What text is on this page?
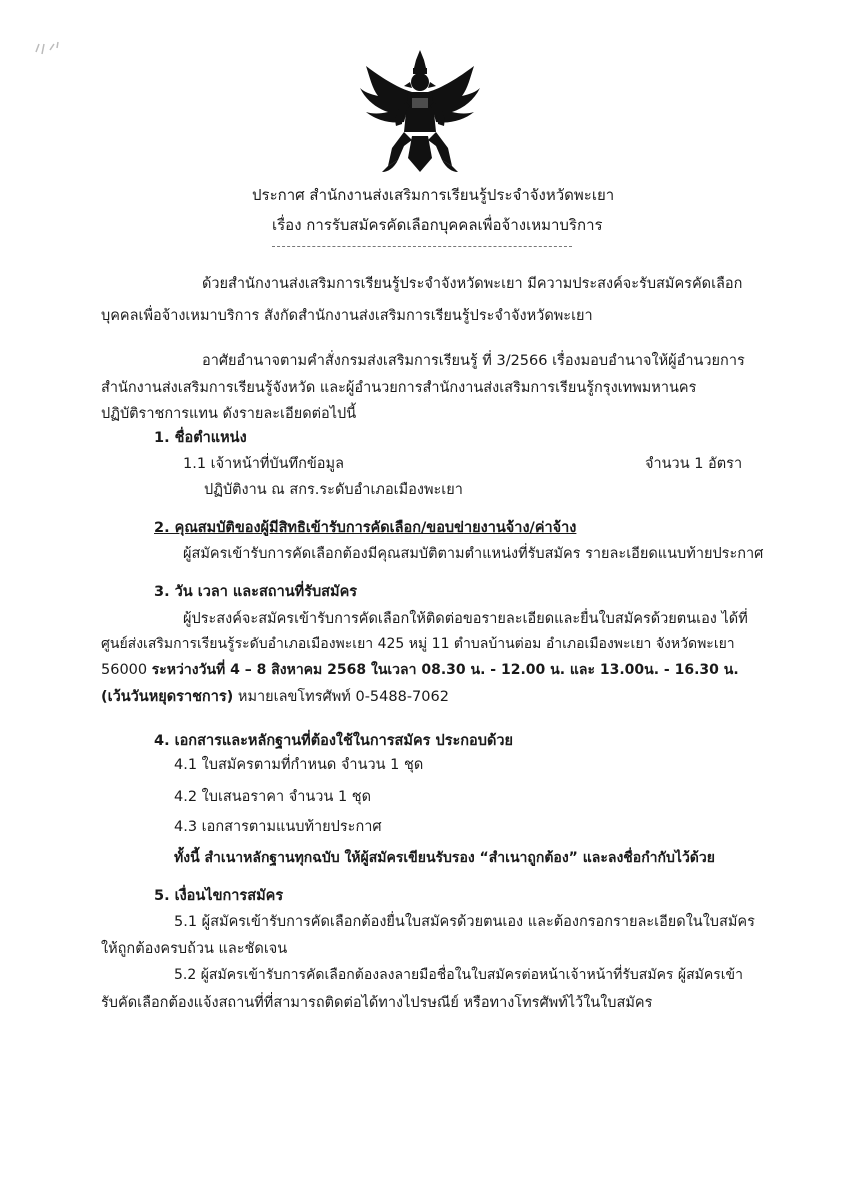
ประกาศ สำนักงานส่งเสริมการเรียนรู้ประจำจังหวัดพะเยา
เรื่อง การรับสมัครคัดเลือกบุคคลเพื่อจ้างเหมาบริการ
ด้วยสำนักงานส่งเสริมการเรียนรู้ประจำจังหวัดพะเยา มีความประสงค์จะรับสมัครคัดเลือก
บุคคลเพื่อจ้างเหมาบริการ สังกัดสำนักงานส่งเสริมการเรียนรู้ประจำจังหวัดพะเยา
อาศัยอำนาจตามคำสั่งกรมส่งเสริมการเรียนรู้ ที่ 3/2566 เรื่องมอบอำนาจให้ผู้อำนวยการ
สำนักงานส่งเสริมการเรียนรู้จังหวัด และผู้อำนวยการสำนักงานส่งเสริมการเรียนรู้กรุงเทพมหานคร
ปฏิบัติราชการแทน ดังรายละเอียดต่อไปนี้
1. ชื่อตำแหน่ง
1.1 เจ้าหน้าที่บันทึกข้อมูล	จำนวน 1 อัตรา
ปฏิบัติงาน ณ สกร.ระดับอำเภอเมืองพะเยา
2. คุณสมบัติของผู้มีสิทธิเข้ารับการคัดเลือก/ขอบข่ายงานจ้าง/ค่าจ้าง
ผู้สมัครเข้ารับการคัดเลือกต้องมีคุณสมบัติตามตำแหน่งที่รับสมัคร รายละเอียดแนบท้ายประกาศ
3. วัน เวลา และสถานที่รับสมัคร
ผู้ประสงค์จะสมัครเข้ารับการคัดเลือกให้ติดต่อขอรายละเอียดและยื่นใบสมัครด้วยตนเอง ได้ที่
ศูนย์ส่งเสริมการเรียนรู้ระดับอำเภอเมืองพะเยา 425 หมู่ 11 ตำบลบ้านต่อม อำเภอเมืองพะเยา จังหวัดพะเยา
56000 ระหว่างวันที่ 4 – 8 สิงหาคม 2568 ในเวลา 08.30 น. - 12.00 น. และ 13.00น. - 16.30 น.
(เว้นวันหยุดราชการ) หมายเลขโทรศัพท์ 0-5488-7062
4. เอกสารและหลักฐานที่ต้องใช้ในการสมัคร ประกอบด้วย
4.1 ใบสมัครตามที่กำหนด จำนวน 1 ชุด
4.2 ใบเสนอราคา จำนวน 1 ชุด
4.3 เอกสารตามแนบท้ายประกาศ
ทั้งนี้ สำเนาหลักฐานทุกฉบับ ให้ผู้สมัครเขียนรับรอง “สำเนาถูกต้อง” และลงชื่อกำกับไว้ด้วย
5. เงื่อนไขการสมัคร
5.1 ผู้สมัครเข้ารับการคัดเลือกต้องยื่นใบสมัครด้วยตนเอง และต้องกรอกรายละเอียดในใบสมัคร
ให้ถูกต้องครบถ้วน และชัดเจน
5.2 ผู้สมัครเข้ารับการคัดเลือกต้องลงลายมือชื่อในใบสมัครต่อหน้าเจ้าหน้าที่รับสมัคร ผู้สมัครเข้า
รับคัดเลือกต้องแจ้งสถานที่ที่สามารถติดต่อได้ทางไปรษณีย์ หรือทางโทรศัพท์ไว้ในใบสมัคร
